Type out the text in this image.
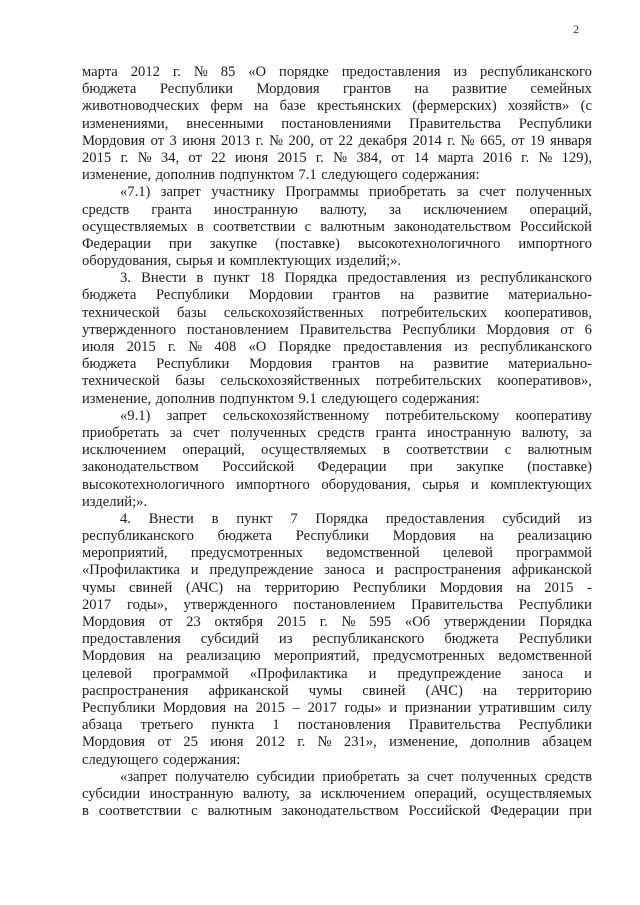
2
марта 2012 г. № 85 «О порядке предоставления из республиканского
бюджета Республики Мордовия грантов на развитие семейных
животноводческих ферм на базе крестьянских (фермерских) хозяйств» (с
изменениями, внесенными постановлениями Правительства Республики
Мордовия от 3 июня 2013 г. № 200, от 22 декабря 2014 г. № 665, от 19 января
2015 г. № 34, от 22 июня 2015 г. № 384, от 14 марта 2016 г. № 129),
изменение, дополнив подпунктом 7.1 следующего содержания:
«7.1) запрет участнику Программы приобретать за счет полученных
средств гранта иностранную валюту, за исключением операций,
осуществляемых в соответствии с валютным законодательством Российской
Федерации при закупке (поставке) высокотехнологичного импортного
оборудования, сырья и комплектующих изделий;».
3. Внести в пункт 18 Порядка предоставления из республиканского
бюджета Республики Мордовии грантов на развитие материально-
технической базы сельскохозяйственных потребительских кооперативов,
утвержденного постановлением Правительства Республики Мордовия от 6
июля 2015 г. № 408 «О Порядке предоставления из республиканского
бюджета Республики Мордовия грантов на развитие материально-
технической базы сельскохозяйственных потребительских кооперативов»,
изменение, дополнив подпунктом 9.1 следующего содержания:
«9.1) запрет сельскохозяйственному потребительскому кооперативу
приобретать за счет полученных средств гранта иностранную валюту, за
исключением операций, осуществляемых в соответствии с валютным
законодательством Российской Федерации при закупке (поставке)
высокотехнологичного импортного оборудования, сырья и комплектующих
изделий;».
4. Внести в пункт 7 Порядка предоставления субсидий из
республиканского бюджета Республики Мордовия на реализацию
мероприятий, предусмотренных ведомственной целевой программой
«Профилактика и предупреждение заноса и распространения африканской
чумы свиней (АЧС) на территорию Республики Мордовия на 2015 -
2017 годы», утвержденного постановлением Правительства Республики
Мордовия от 23 октября 2015 г. № 595 «Об утверждении Порядка
предоставления субсидий из республиканского бюджета Республики
Мордовия на реализацию мероприятий, предусмотренных ведомственной
целевой программой «Профилактика и предупреждение заноса и
распространения африканской чумы свиней (АЧС) на территорию
Республики Мордовия на 2015 – 2017 годы» и признании утратившим силу
абзаца третьего пункта 1 постановления Правительства Республики
Мордовия от 25 июня 2012 г. № 231», изменение, дополнив абзацем
следующего содержания:
«запрет получателю субсидии приобретать за счет полученных средств
субсидии иностранную валюту, за исключением операций, осуществляемых
в соответствии с валютным законодательством Российской Федерации при
